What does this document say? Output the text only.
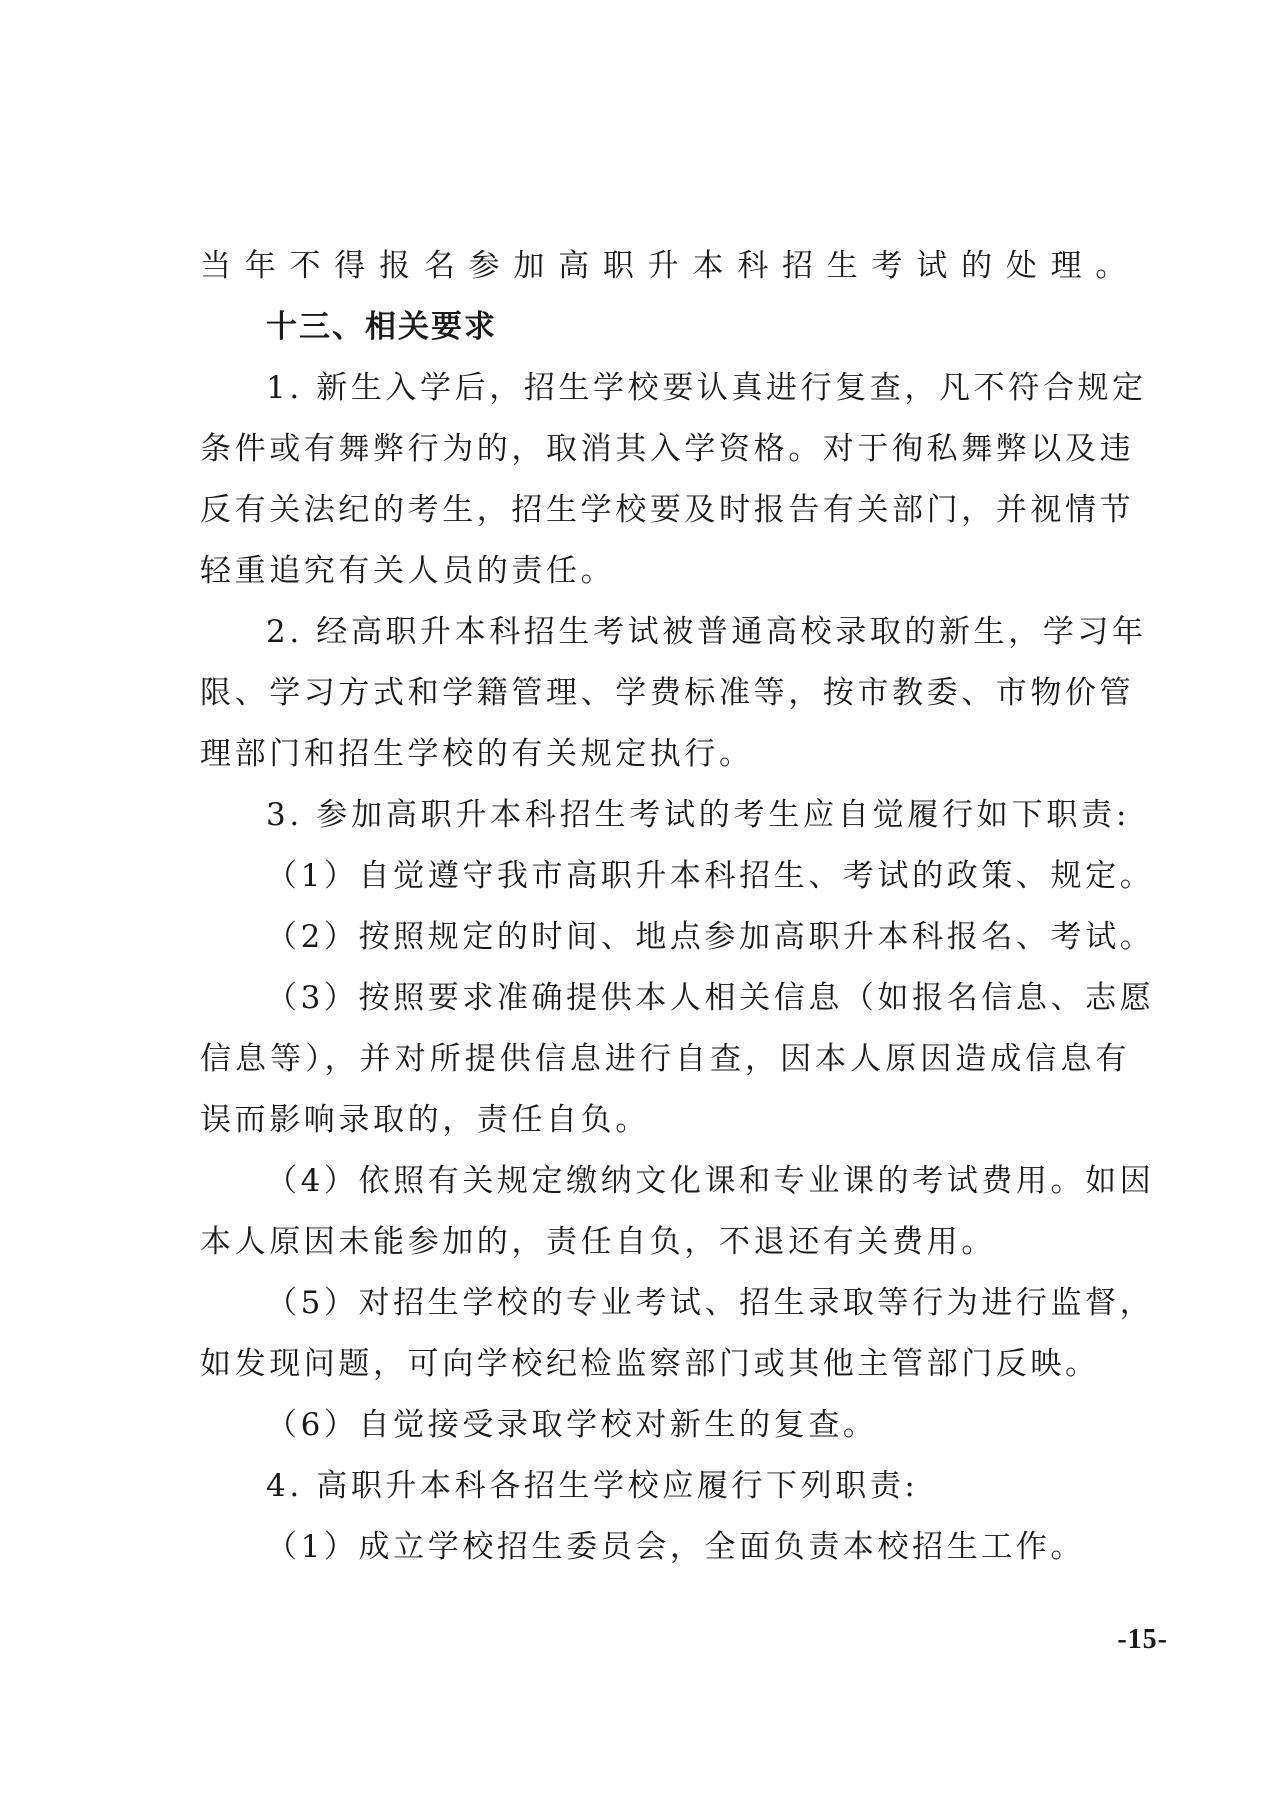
当年不得报名参加高职升本科招生考试的处理。
十三、相关要求
1. 新生入学后，招生学校要认真进行复查，凡不符合规定
条件或有舞弊行为的，取消其入学资格。对于徇私舞弊以及违
反有关法纪的考生，招生学校要及时报告有关部门，并视情节
轻重追究有关人员的责任。
2. 经高职升本科招生考试被普通高校录取的新生，学习年
限、学习方式和学籍管理、学费标准等，按市教委、市物价管
理部门和招生学校的有关规定执行。
3. 参加高职升本科招生考试的考生应自觉履行如下职责:
（1）自觉遵守我市高职升本科招生、考试的政策、规定。
（2）按照规定的时间、地点参加高职升本科报名、考试。
（3）按照要求准确提供本人相关信息（如报名信息、志愿
信息等），并对所提供信息进行自查，因本人原因造成信息有
误而影响录取的，责任自负。
（4）依照有关规定缴纳文化课和专业课的考试费用。如因
本人原因未能参加的，责任自负，不退还有关费用。
（5）对招生学校的专业考试、招生录取等行为进行监督，
如发现问题，可向学校纪检监察部门或其他主管部门反映。
（6）自觉接受录取学校对新生的复查。
4. 高职升本科各招生学校应履行下列职责:
（1）成立学校招生委员会，全面负责本校招生工作。
-15-
